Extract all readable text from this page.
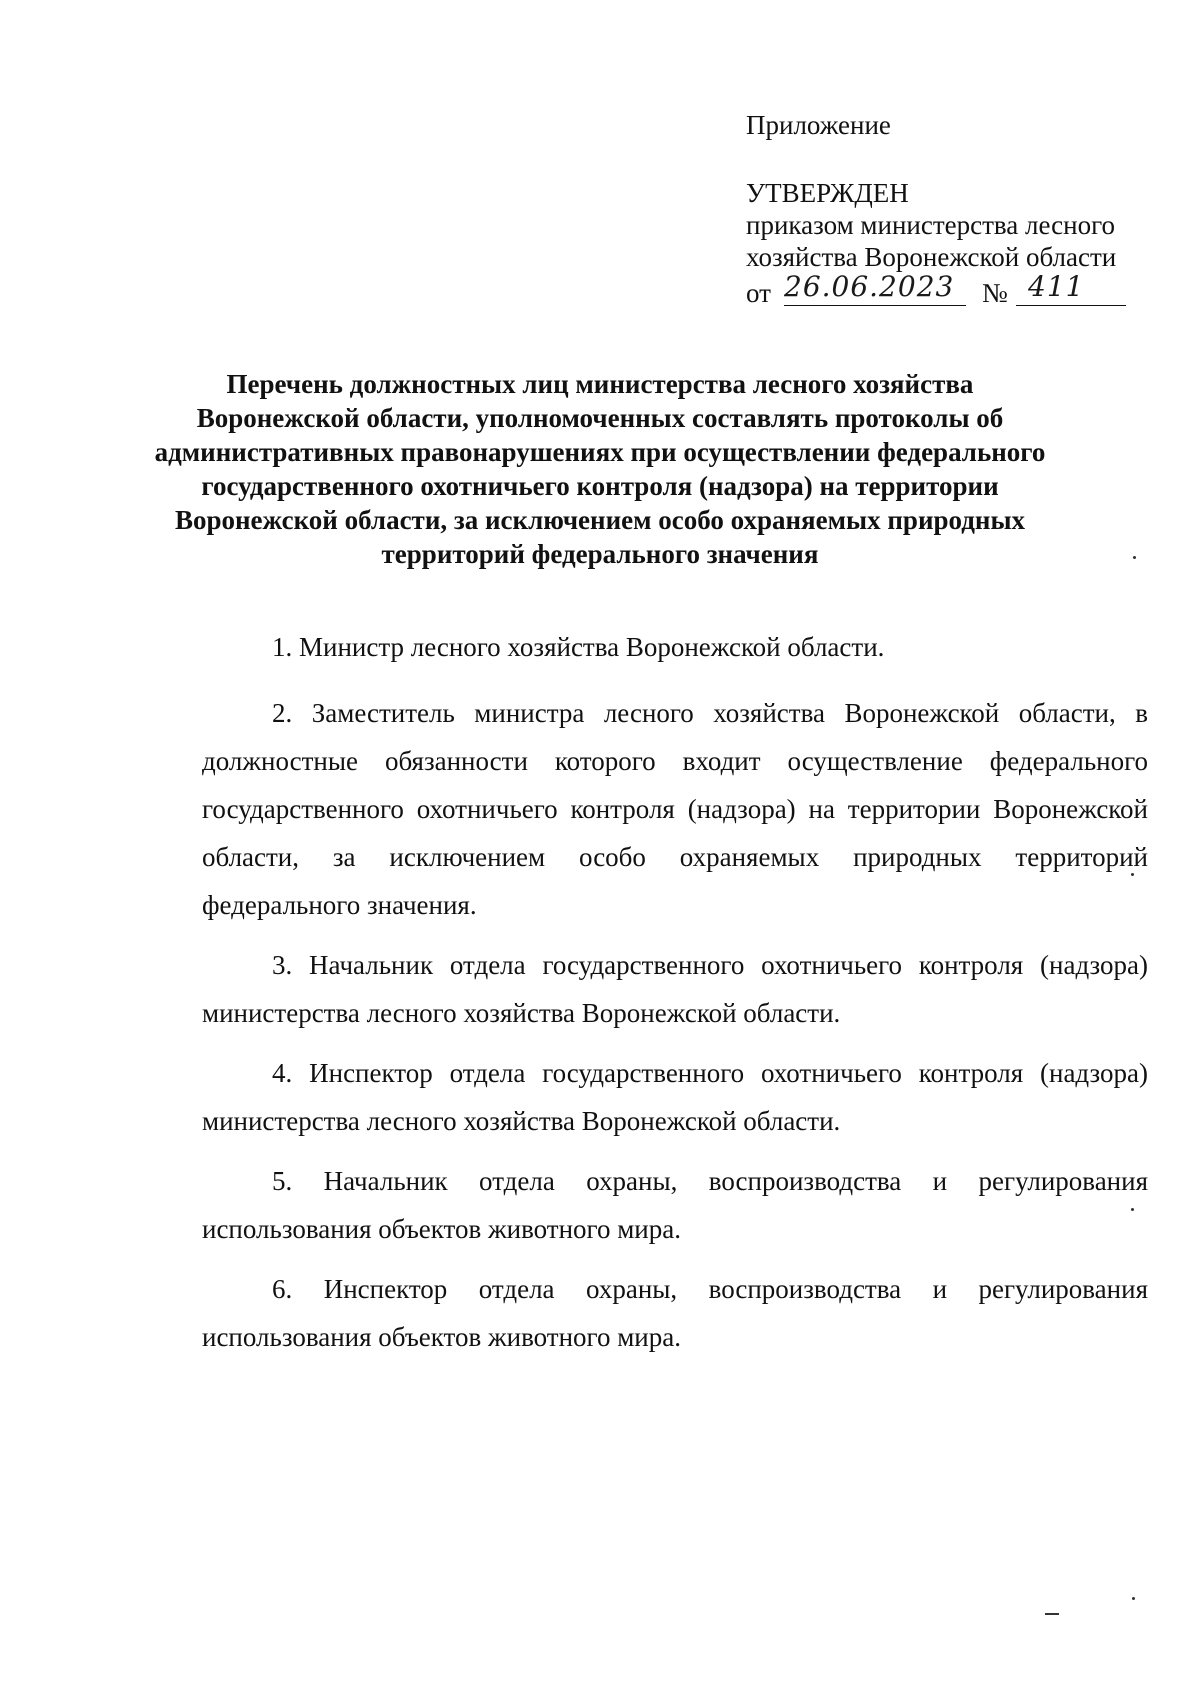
Приложение
УТВЕРЖДЕН
приказом министерства лесного
хозяйства Воронежской области
от 26.06.2023 № 411
Перечень должностных лиц министерства лесного хозяйства Воронежской области, уполномоченных составлять протоколы об административных правонарушениях при осуществлении федерального государственного охотничьего контроля (надзора) на территории Воронежской области, за исключением особо охраняемых природных территорий федерального значения

1. Министр лесного хозяйства Воронежской области.

2. Заместитель министра лесного хозяйства Воронежской области, в должностные обязанности которого входит осуществление федерального государственного охотничьего контроля (надзора) на территории Воронежской области, за исключением особо охраняемых природных территорий федерального значения.

3. Начальник отдела государственного охотничьего контроля (надзора) министерства лесного хозяйства Воронежской области.

4. Инспектор отдела государственного охотничьего контроля (надзора) министерства лесного хозяйства Воронежской области.

5. Начальник отдела охраны, воспроизводства и регулирования использования объектов животного мира.

6. Инспектор отдела охраны, воспроизводства и регулирования использования объектов животного мира.
